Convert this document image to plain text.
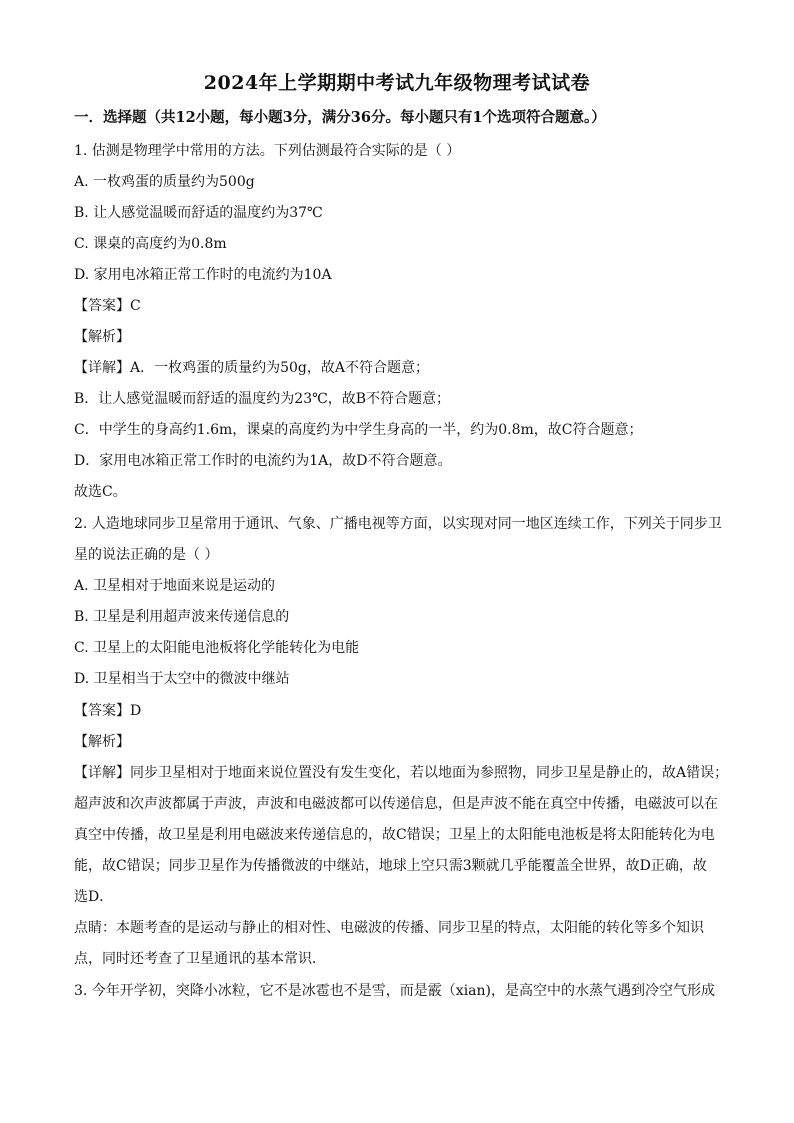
2024年上学期期中考试九年级物理考试试卷
一．选择题（共12小题，每小题3分，满分36分。每小题只有1个选项符合题意。）
1. 估测是物理学中常用的方法。下列估测最符合实际的是（ ）
A. 一枚鸡蛋的质量约为500g
B. 让人感觉温暖而舒适的温度约为37℃
C. 课桌的高度约为0.8m
D. 家用电冰箱正常工作时的电流约为10A
【答案】C
【解析】
【详解】A．一枚鸡蛋的质量约为50g，故A不符合题意；
B．让人感觉温暖而舒适的温度约为23℃，故B不符合题意；
C．中学生的身高约1.6m，课桌的高度约为中学生身高的一半，约为0.8m，故C符合题意；
D．家用电冰箱正常工作时的电流约为1A，故D不符合题意。
故选C。
2. 人造地球同步卫星常用于通讯、气象、广播电视等方面，以实现对同一地区连续工作，下列关于同步卫
星的说法正确的是（ ）
A. 卫星相对于地面来说是运动的
B. 卫星是利用超声波来传递信息的
C. 卫星上的太阳能电池板将化学能转化为电能
D. 卫星相当于太空中的微波中继站
【答案】D
【解析】
【详解】同步卫星相对于地面来说位置没有发生变化，若以地面为参照物，同步卫星是静止的，故A错误；
超声波和次声波都属于声波，声波和电磁波都可以传递信息，但是声波不能在真空中传播，电磁波可以在
真空中传播，故卫星是利用电磁波来传递信息的，故C错误；卫星上的太阳能电池板是将太阳能转化为电
能，故C错误；同步卫星作为传播微波的中继站，地球上空只需3颗就几乎能覆盖全世界，故D正确，故
选D．
点睛：本题考查的是运动与静止的相对性、电磁波的传播、同步卫星的特点，太阳能的转化等多个知识
点，同时还考查了卫星通讯的基本常识．
3. 今年开学初，突降小冰粒，它不是冰雹也不是雪，而是霰（xian)，是高空中的水蒸气遇到冷空气形成
